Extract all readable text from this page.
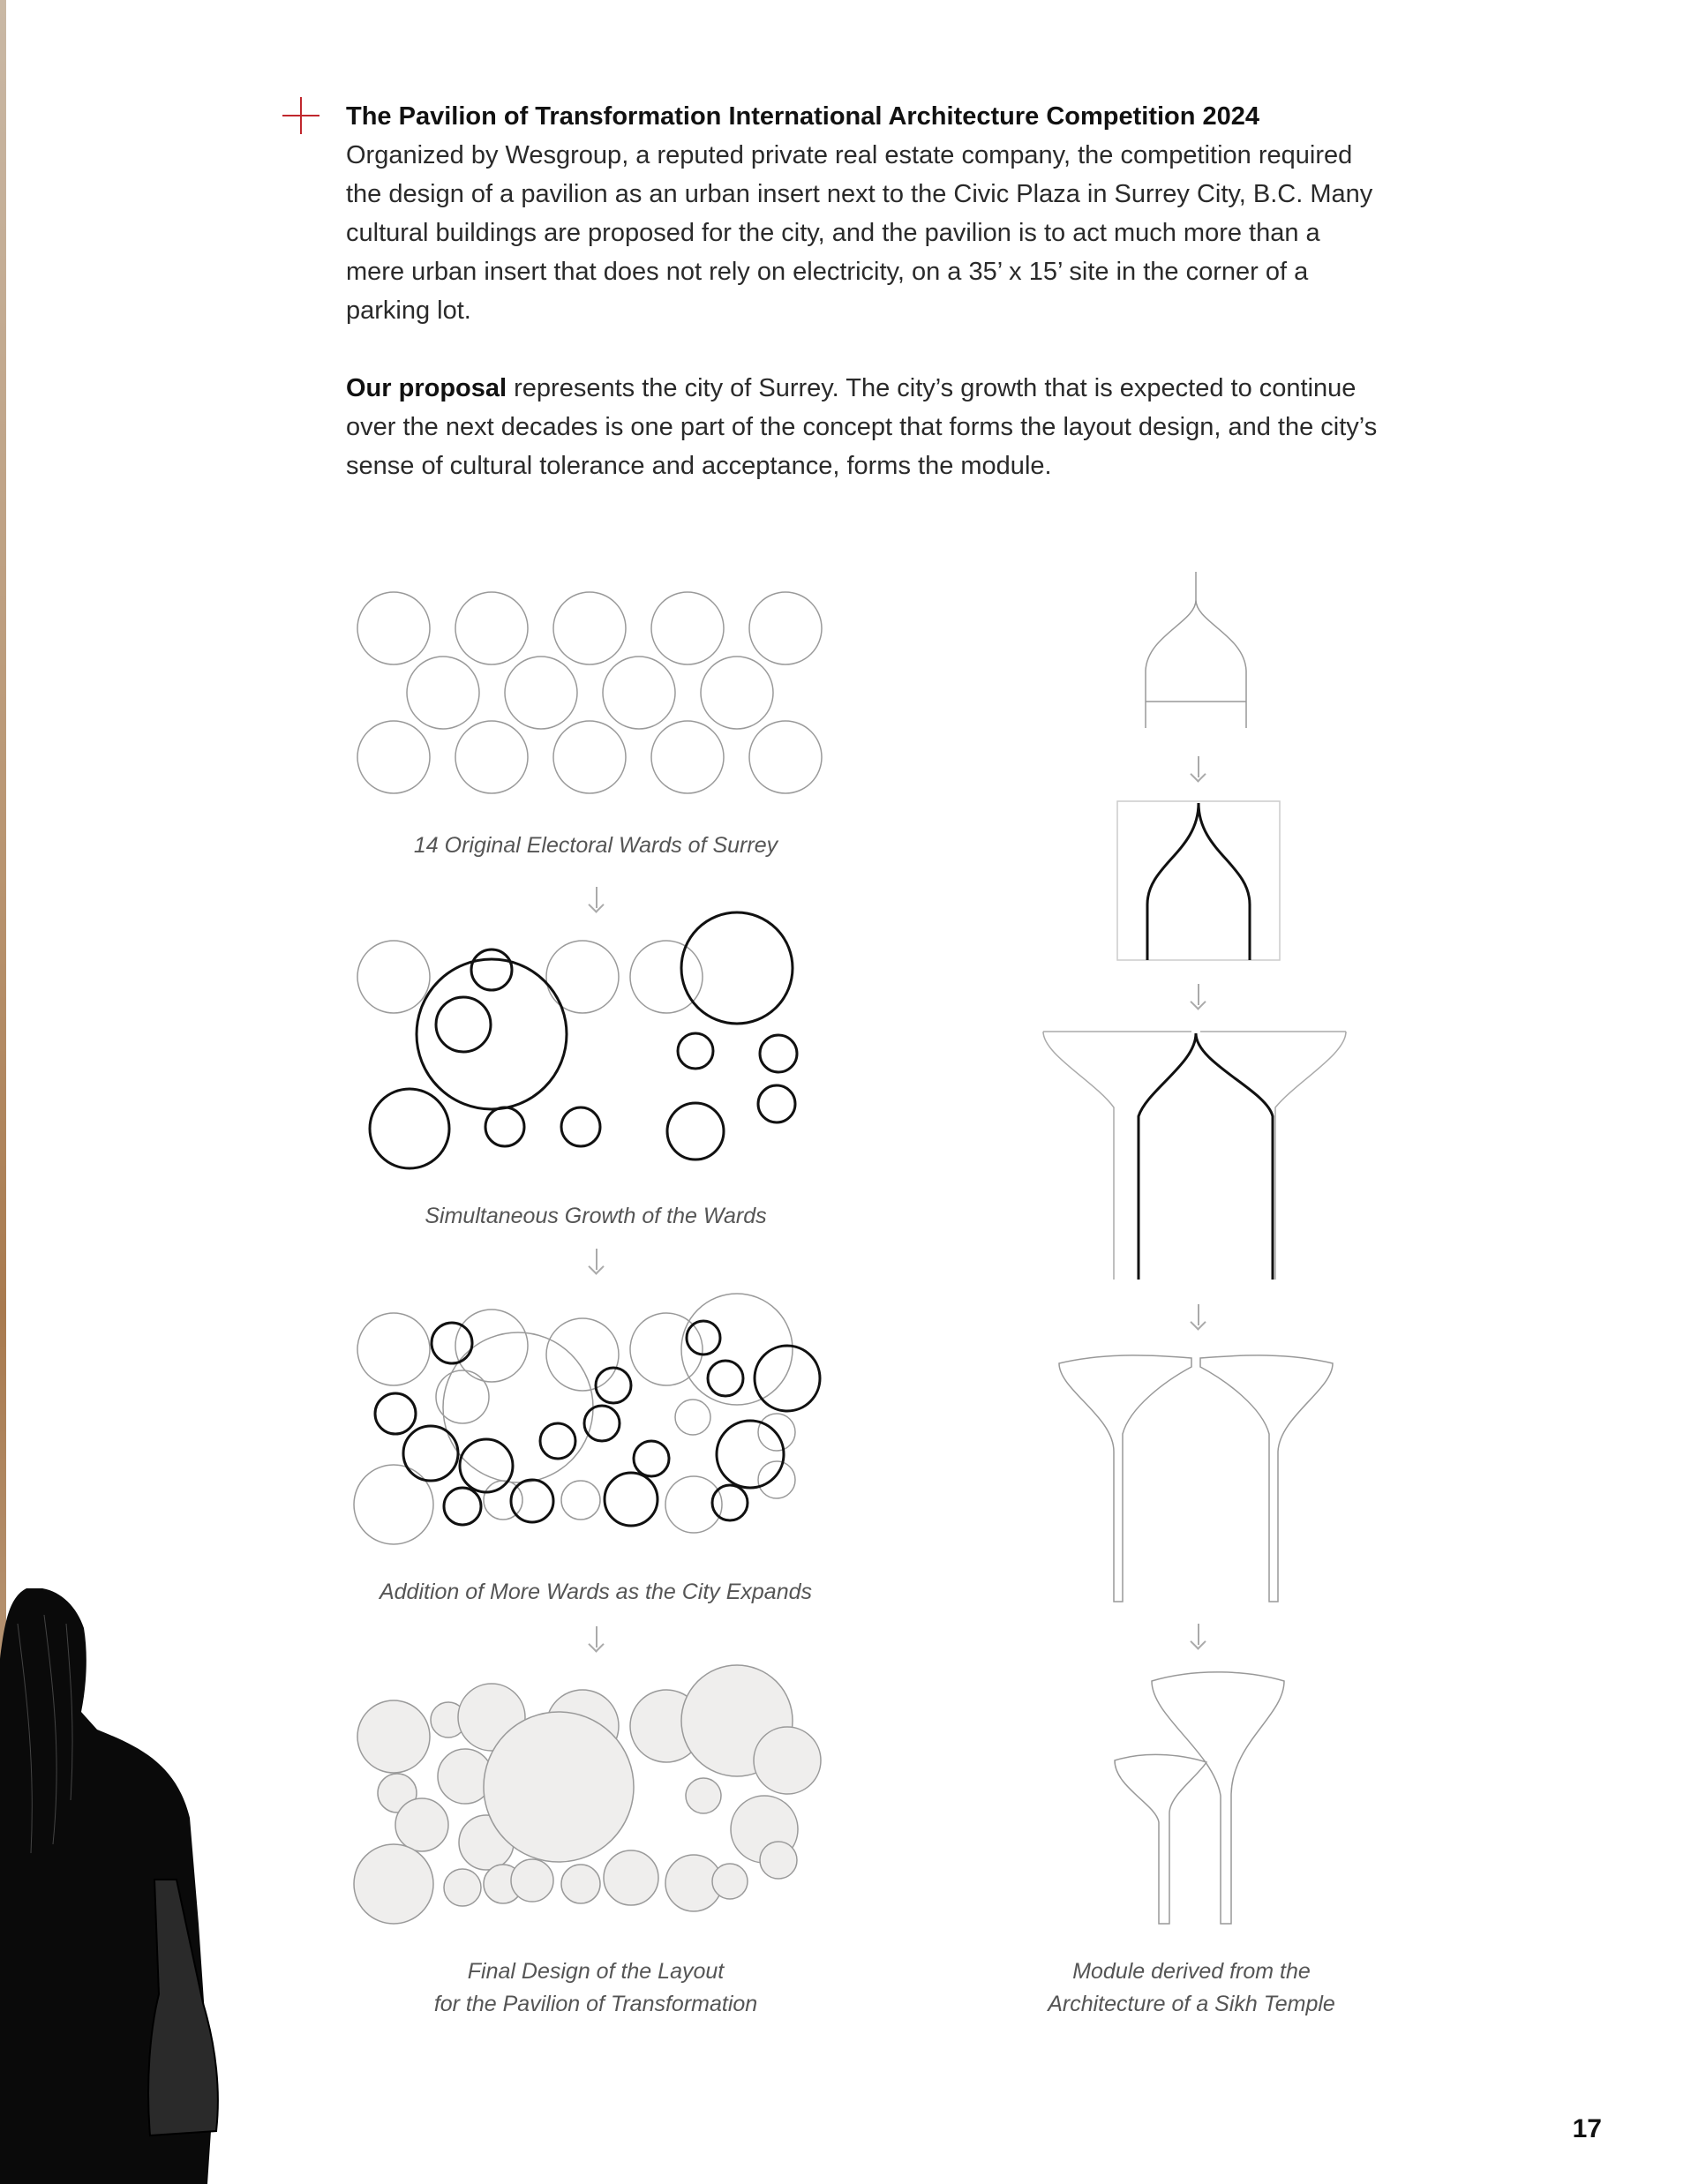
The Pavilion of Transformation International Architecture Competition 2024

Organized by Wesgroup, a reputed private real estate company, the competition required the design of a pavilion as an urban insert next to the Civic Plaza in Surrey City, B.C. Many cultural buildings are proposed for the city, and the pavilion is to act much more than a mere urban insert that does not rely on electricity, on a 35’ x 15’ site in the corner of a parking lot.

Our proposal represents the city of Surrey. The city’s growth that is expected to continue over the next decades is one part of the concept that forms the layout design, and the city’s sense of cultural tolerance and acceptance, forms the module.

14 Original Electoral Wards of Surrey
Simultaneous Growth of the Wards
Addition of More Wards as the City Expands
Final Design of the Layout
for the Pavilion of Transformation
Module derived from the
Architecture of a Sikh Temple
17
